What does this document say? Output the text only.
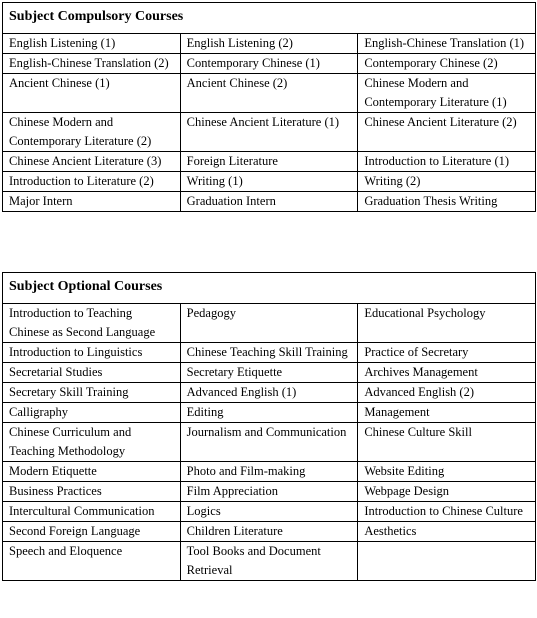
Subject Compulsory Courses		
English Listening (1)	English Listening (2)	English-Chinese Translation (1)
English-Chinese Translation (2)	Contemporary Chinese (1)	Contemporary Chinese (2)
Ancient Chinese (1)	Ancient Chinese (2)	Chinese Modern and Contemporary Literature (1)
Chinese Modern and Contemporary Literature (2)	Chinese Ancient Literature (1)	Chinese Ancient Literature (2)
Chinese Ancient Literature (3)	Foreign Literature	Introduction to Literature (1)
Introduction to Literature (2)	Writing (1)	Writing (2)
Major Intern	Graduation Intern	Graduation Thesis Writing
Subject Optional Courses		
Introduction to Teaching Chinese as Second Language	Pedagogy	Educational Psychology
Introduction to Linguistics	Chinese Teaching Skill Training	Practice of Secretary
Secretarial Studies	Secretary Etiquette	Archives Management
Secretary Skill Training	Advanced English (1)	Advanced English (2)
Calligraphy	Editing	Management
Chinese Curriculum and Teaching Methodology	Journalism and Communication	Chinese Culture Skill
Modern Etiquette	Photo and Film-making	Website Editing
Business Practices	Film Appreciation	Webpage Design
Intercultural Communication	Logics	Introduction to Chinese Culture
Second Foreign Language	Children Literature	Aesthetics
Speech and Eloquence	Tool Books and Document Retrieval	
